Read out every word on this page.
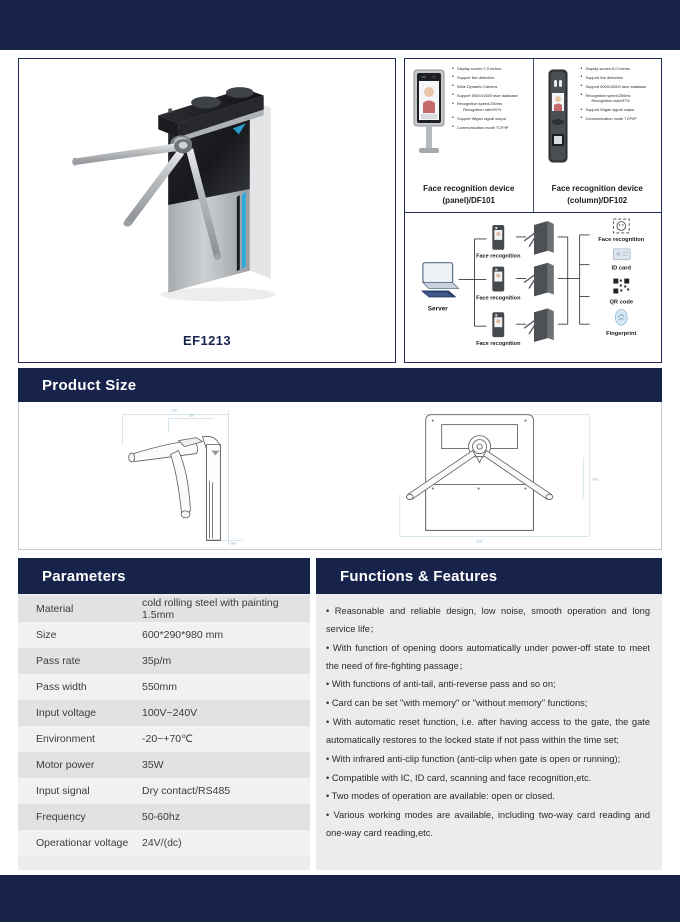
EF1213
• Display screen:7.0 inches
• Support live detection
• Wide Dynamic Camera
• Support 5000/10000 face database
• Recognition speed:250ms
Recognition rate≥97%
• Support Wigan signal output
• Communication mode TCP/IP
Face recognition device
(panel)/DF101
• Display screen:5.0 inches
• Support live detection
• Support 5000/10000 face database
• Recognition speed:250ms
Recognition rate≥97%
• Support Wigan signal output
• Communication mode TCP/IP
Face recognition device
(column)/DF102
Server
Face recognition
Face recognition
Face recognition
Face recognition
ID card
QR code
Fingerprint
Product Size
290
180
980	600
980
Parameters
Material	cold rolling steel with painting 1.5mm
Size	600*290*980 mm
Pass rate	35p/m
Pass width	550mm
Input voltage	100V~240V
Environment	-20~+70℃
Motor power	35W
Input signal	Dry contact/RS485
Frequency	50-60hz
Operationar voltage	24V/(dc)
Functions & Features
• Reasonable and reliable design, low noise, smooth operation and long service life；
• With function of opening doors automatically under power-off state to meet the need of fire-fighting passage；
• With functions of anti-tail, anti-reverse pass and so on;
• Card can be set "with memory" or "without memory" functions;
• With automatic reset function, i.e. after having access to the gate, the gate automatically restores to the locked state if not pass within the time set;
• With infrared anti-clip function (anti-clip when gate is open or running);
• Compatible with IC, ID card, scanning and face recognition,etc.
• Two modes of operation are available: open or closed.
• Various working modes are available, including two-way card reading and one-way card reading,etc.
